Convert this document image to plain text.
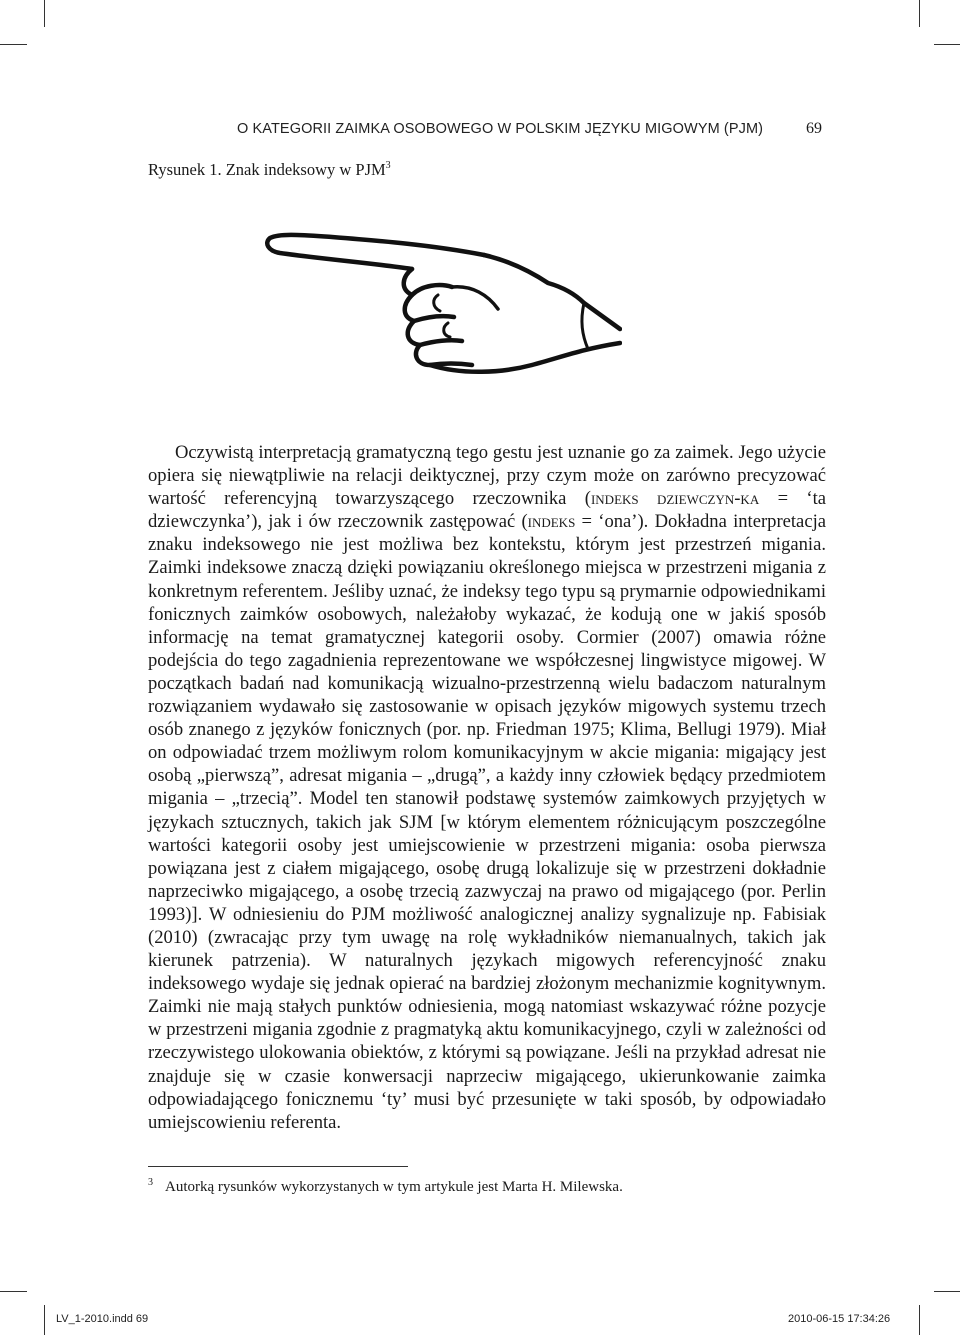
O KATEGORII ZAIMKA OSOBOWEGO W POLSKIM JĘZYKU MIGOWYM (PJM)	69
Rysunek 1. Znak indeksowy w PJM$^3$

Oczywistą interpretacją gramatyczną tego gestu jest uznanie go za zaimek. Jego użycie opiera się niewątpliwie na relacji deiktycznej, przy czym może on zarówno precyzować wartość referencyjną towarzyszącego rzeczownika (indeks dziewczyn-ka = ‘ta dziewczynka’), jak i ów rzeczownik zastępować (indeks = ‘ona’). Dokładna interpretacja znaku indeksowego nie jest możliwa bez kontekstu, którym jest przestrzeń migania. Zaimki indeksowe znaczą dzięki powiązaniu określonego miejsca w przestrzeni migania z konkretnym referentem. Jeśliby uznać, że indeksy tego typu są prymarnie odpowiednikami fonicznych zaimków osobowych, należałoby wykazać, że kodują one w jakiś sposób informację na temat gramatycznej kategorii osoby. Cormier (2007) omawia różne podejścia do tego zagadnienia reprezentowane we współczesnej lingwistyce migowej. W początkach badań nad komunikacją wizualno-przestrzenną wielu badaczom naturalnym rozwiązaniem wydawało się zastosowanie w opisach języków migowych systemu trzech osób znanego z języków fonicznych (por. np. Friedman 1975; Klima, Bellugi 1979). Miał on odpowiadać trzem możliwym rolom komunikacyjnym w akcie migania: migający jest osobą „pierwszą”, adresat migania – „drugą”, a każdy inny człowiek będący przedmiotem migania – „trzecią”. Model ten stanowił podstawę systemów zaimkowych przyjętych w językach sztucznych, takich jak SJM [w którym elementem różnicującym poszczególne wartości kategorii osoby jest umiejscowienie w przestrzeni migania: osoba pierwsza powiązana jest z ciałem migającego, osobę drugą lokalizuje się w przestrzeni dokładnie naprzeciwko migającego, a osobę trzecią zazwyczaj na prawo od migającego (por. Perlin 1993)]. W odniesieniu do PJM możliwość analogicznej analizy sygnalizuje np. Fabisiak (2010) (zwracając przy tym uwagę na rolę wykładników niemanualnych, takich jak kierunek patrzenia). W naturalnych językach migowych referencyjność znaku indeksowego wydaje się jednak opierać na bardziej złożonym mechanizmie kognitywnym. Zaimki nie mają stałych punktów odniesienia, mogą natomiast wskazywać różne pozycje w przestrzeni migania zgodnie z pragmatyką aktu komunikacyjnego, czyli w zależności od rzeczywistego ulokowania obiektów, z którymi są powiązane. Jeśli na przykład adresat nie znajduje się w czasie konwersacji naprzeciw migającego, ukierunkowanie zaimka odpowiadającego fonicznemu ‘ty’ musi być przesunięte w taki sposób, by odpowiadało umiejscowieniu referenta.

$^3$ Autorką rysunków wykorzystanych w tym artykule jest Marta H. Milewska.
LV_1-2010.indd 69	2010-06-15 17:34:26
